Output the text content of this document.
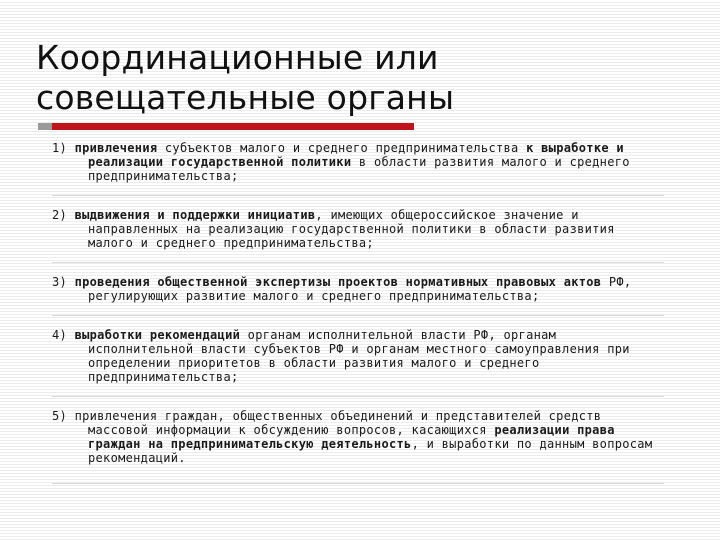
Координационные или
совещательные органы
1) привлечения субъектов малого и среднего предпринимательства к выработке и реализации государственной политики в области развития малого и среднего предпринимательства;
2) выдвижения и поддержки инициатив, имеющих общероссийское значение и направленных на реализацию государственной политики в области развития малого и среднего предпринимательства;
3) проведения общественной экспертизы проектов нормативных правовых актов РФ, регулирующих развитие малого и среднего предпринимательства;
4) выработки рекомендаций органам исполнительной власти РФ, органам исполнительной власти субъектов РФ и органам местного самоуправления при определении приоритетов в области развития малого и среднего предпринимательства;
5) привлечения граждан, общественных объединений и представителей средств массовой информации к обсуждению вопросов, касающихся реализации права граждан на предпринимательскую деятельность, и выработки по данным вопросам рекомендаций.
